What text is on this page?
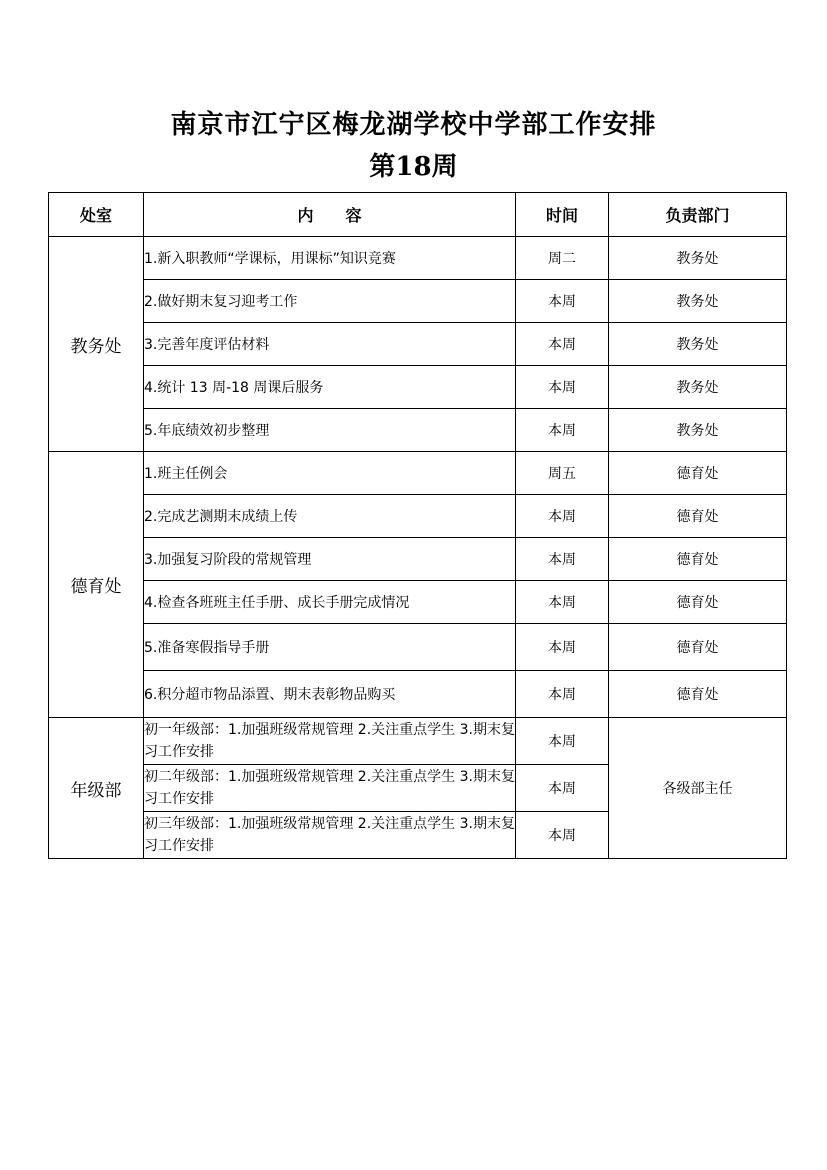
南京市江宁区梅龙湖学校中学部工作安排
第18周
处室	内　　容	时间	负责部门
教务处	1.新入职教师“学课标，用课标”知识竞赛	周二	教务处
	2.做好期末复习迎考工作	本周	教务处
	3.完善年度评估材料	本周	教务处
	4.统计 13 周-18 周课后服务	本周	教务处
	5.年底绩效初步整理	本周	教务处
德育处	1.班主任例会	周五	德育处
	2.完成艺测期末成绩上传	本周	德育处
	3.加强复习阶段的常规管理	本周	德育处
	4.检查各班班主任手册、成长手册完成情况	本周	德育处
	5.准备寒假指导手册	本周	德育处
	6.积分超市物品添置、期末表彰物品购买	本周	德育处
年级部	初一年级部：1.加强班级常规管理 2.关注重点学生 3.期末复习工作安排	本周	各级部主任
	初二年级部：1.加强班级常规管理 2.关注重点学生 3.期末复习工作安排	本周	
	初三年级部：1.加强班级常规管理 2.关注重点学生 3.期末复习工作安排	本周	
